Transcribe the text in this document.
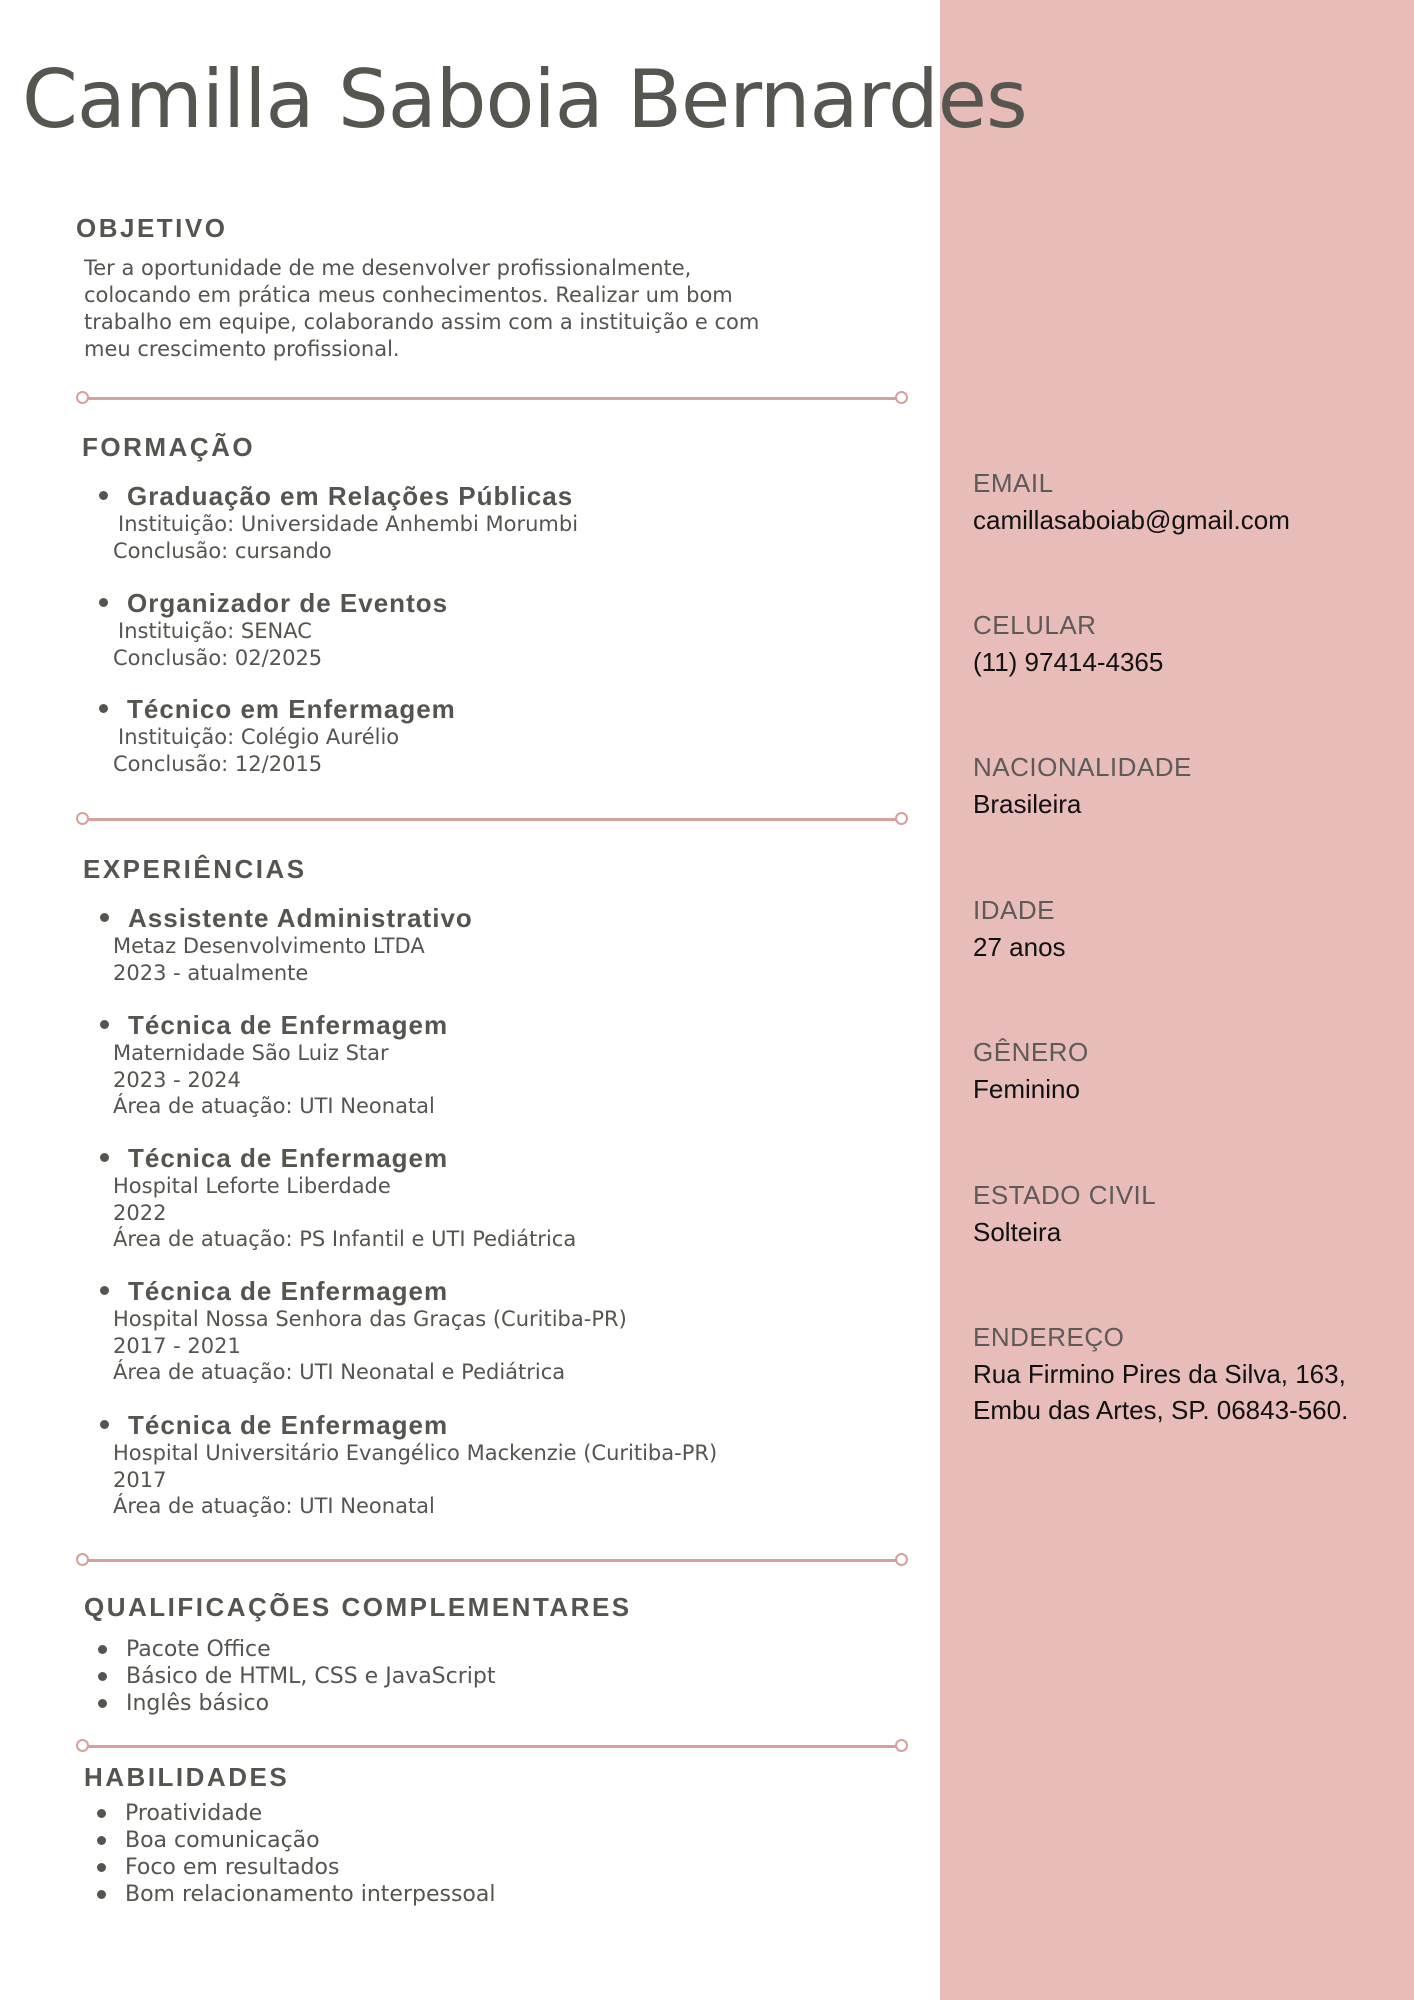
Camilla Saboia Bernardes
OBJETIVO
Ter a oportunidade de me desenvolver profissionalmente,
colocando em prática meus conhecimentos. Realizar um bom
trabalho em equipe, colaborando assim com a instituição e com
meu crescimento profissional.
FORMAÇÃO
Graduação em Relações Públicas
Instituição: Universidade Anhembi Morumbi
Conclusão: cursando
Organizador de Eventos
Instituição: SENAC
Conclusão: 02/2025
Técnico em Enfermagem
Instituição: Colégio Aurélio
Conclusão: 12/2015
EXPERIÊNCIAS
Assistente Administrativo
Metaz Desenvolvimento LTDA
2023 - atualmente
Técnica de Enfermagem
Maternidade São Luiz Star
2023 - 2024
Área de atuação: UTI Neonatal
Técnica de Enfermagem
Hospital Leforte Liberdade
2022
Área de atuação: PS Infantil e UTI Pediátrica
Técnica de Enfermagem
Hospital Nossa Senhora das Graças (Curitiba-PR)
2017 - 2021
Área de atuação: UTI Neonatal e Pediátrica
Técnica de Enfermagem
Hospital Universitário Evangélico Mackenzie (Curitiba-PR)
2017
Área de atuação: UTI Neonatal
QUALIFICAÇÕES COMPLEMENTARES
Pacote Office
Básico de HTML, CSS e JavaScript
Inglês básico
HABILIDADES
Proatividade
Boa comunicação
Foco em resultados
Bom relacionamento interpessoal
EMAIL
camillasaboiab@gmail.com
CELULAR
(11) 97414-4365
NACIONALIDADE
Brasileira
IDADE
27 anos
GÊNERO
Feminino
ESTADO CIVIL
Solteira
ENDEREÇO
Rua Firmino Pires da Silva, 163,
Embu das Artes, SP. 06843-560.
